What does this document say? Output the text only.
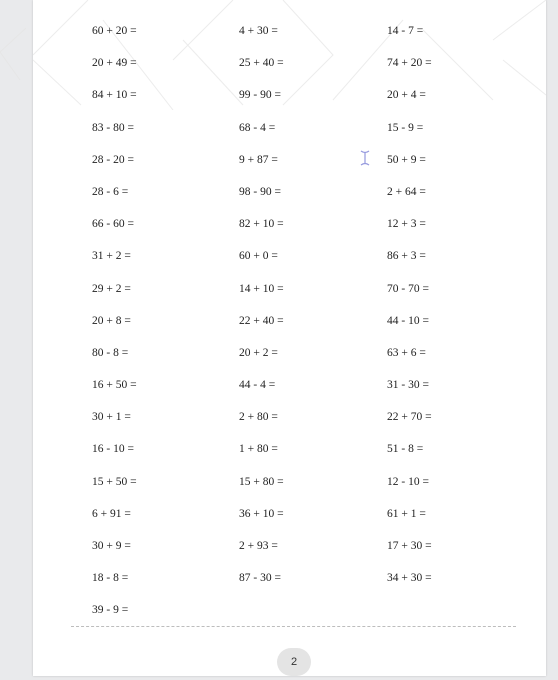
60 + 20 =	4 + 30 =	14 - 7 =
20 + 49 =	25 + 40 =	74 + 20 =
84 + 10 =	99 - 90 =	20 + 4 =
83 - 80 =	68 - 4 =	15 - 9 =
28 - 20 =	9 + 87 =	50 + 9 =
28 - 6 =	98 - 90 =	2 + 64 =
66 - 60 =	82 + 10 =	12 + 3 =
31 + 2 =	60 + 0 =	86 + 3 =
29 + 2 =	14 + 10 =	70 - 70 =
20 + 8 =	22 + 40 =	44 - 10 =
80 - 8 =	20 + 2 =	63 + 6 =
16 + 50 =	44 - 4 =	31 - 30 =
30 + 1 =	2 + 80 =	22 + 70 =
16 - 10 =	1 + 80 =	51 - 8 =
15 + 50 =	15 + 80 =	12 - 10 =
6 + 91 =	36 + 10 =	61 + 1 =
30 + 9 =	2 + 93 =	17 + 30 =
18 - 8 =	87 - 30 =	34 + 30 =
39 - 9 =
2
